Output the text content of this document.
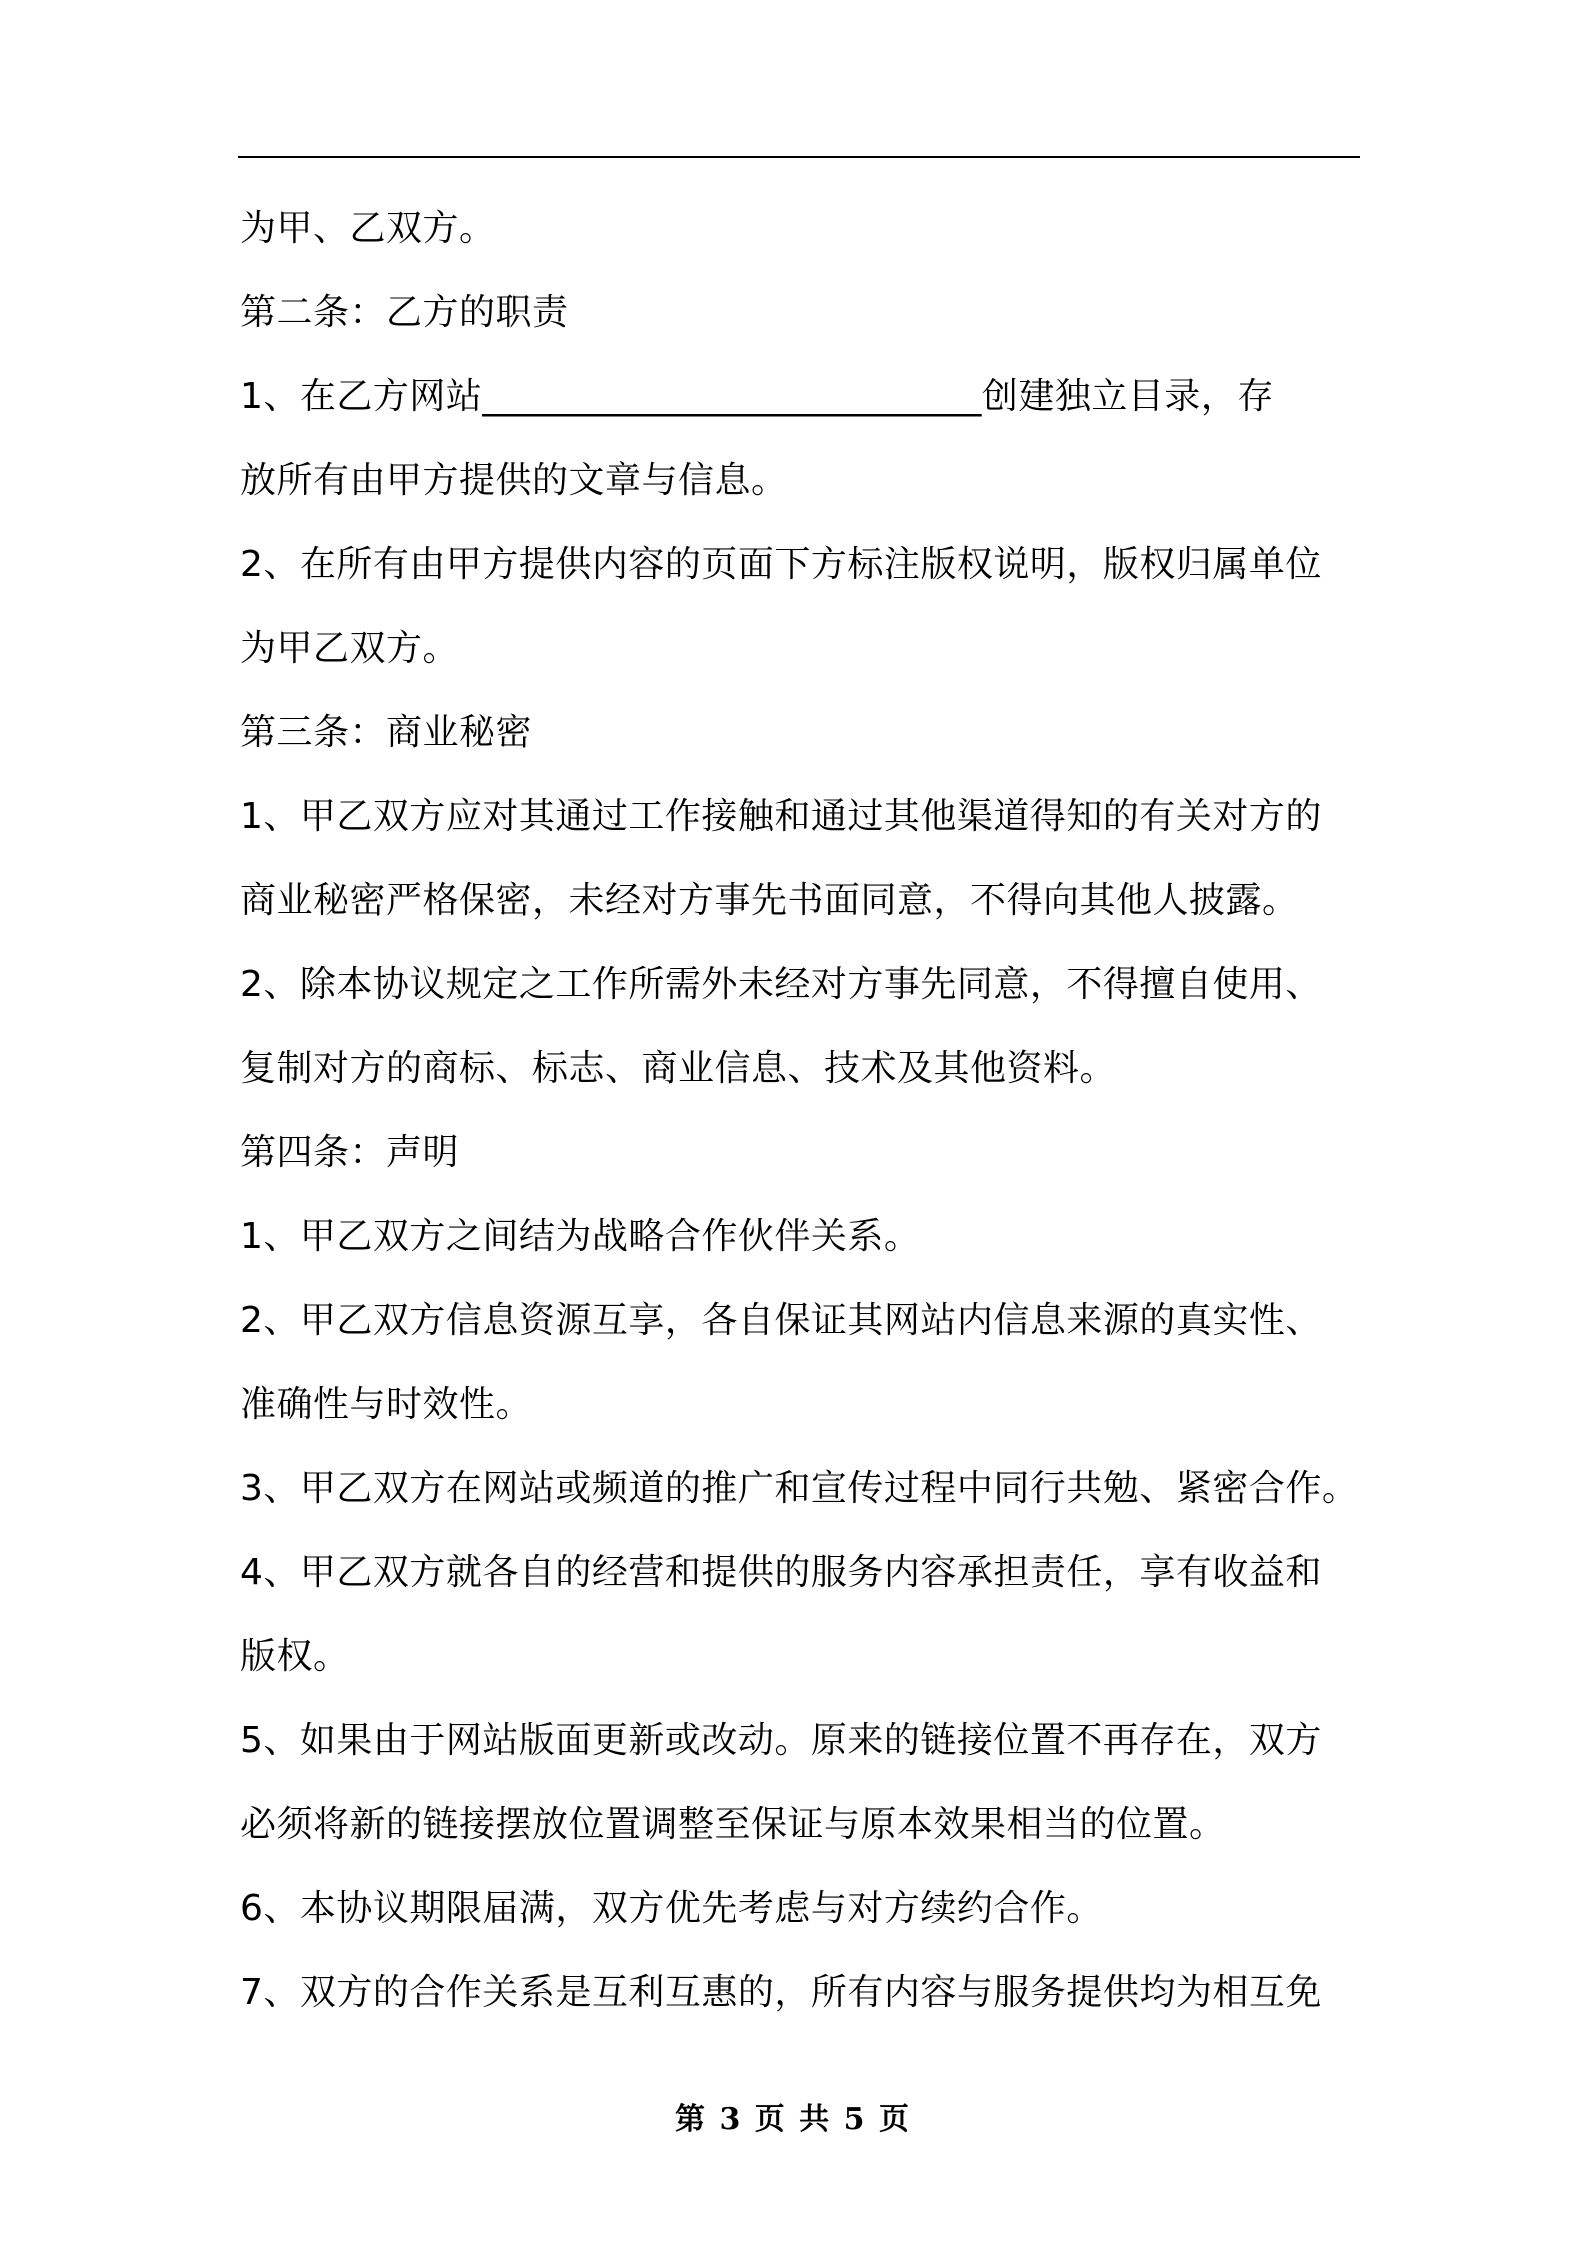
为甲、乙双方。
第二条：乙方的职责
1、在乙方网站___________________________创建独立目录，存
放所有由甲方提供的文章与信息。
2、在所有由甲方提供内容的页面下方标注版权说明，版权归属单位
为甲乙双方。
第三条：商业秘密
1、甲乙双方应对其通过工作接触和通过其他渠道得知的有关对方的
商业秘密严格保密，未经对方事先书面同意，不得向其他人披露。
2、除本协议规定之工作所需外未经对方事先同意，不得擅自使用、
复制对方的商标、标志、商业信息、技术及其他资料。
第四条：声明
1、甲乙双方之间结为战略合作伙伴关系。
2、甲乙双方信息资源互享，各自保证其网站内信息来源的真实性、
准确性与时效性。
3、甲乙双方在网站或频道的推广和宣传过程中同行共勉、紧密合作。
4、甲乙双方就各自的经营和提供的服务内容承担责任，享有收益和
版权。
5、如果由于网站版面更新或改动。原来的链接位置不再存在，双方
必须将新的链接摆放位置调整至保证与原本效果相当的位置。
6、本协议期限届满，双方优先考虑与对方续约合作。
7、双方的合作关系是互利互惠的，所有内容与服务提供均为相互免
第 3 页 共 5 页
